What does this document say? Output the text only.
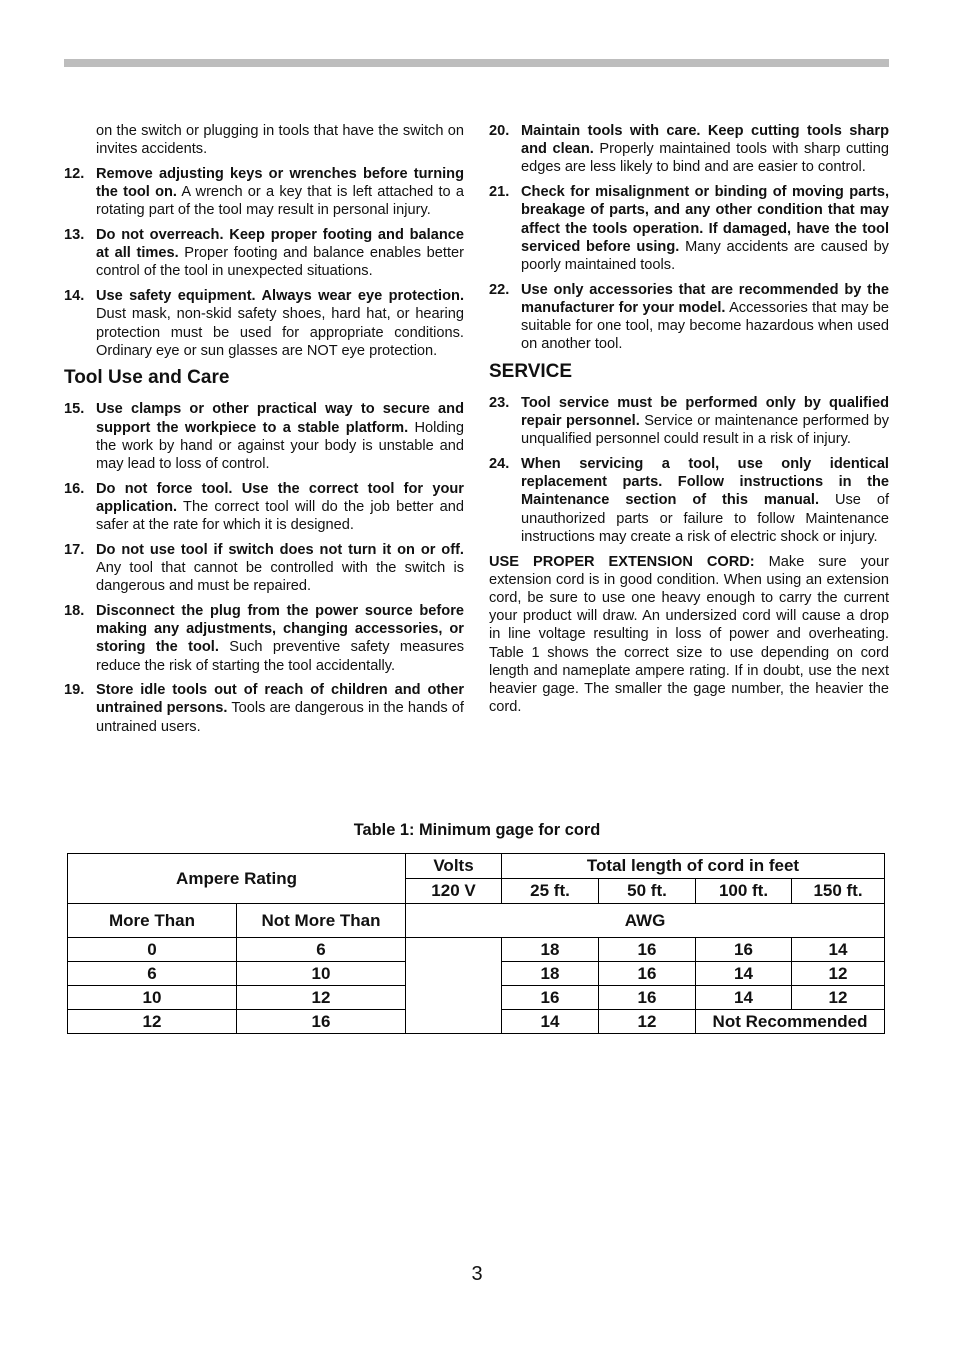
on the switch or plugging in tools that have the switch on invites accidents.
12. Remove adjusting keys or wrenches before turning the tool on. A wrench or a key that is left attached to a rotating part of the tool may result in personal injury.
13. Do not overreach. Keep proper footing and balance at all times. Proper footing and balance enables better control of the tool in unexpected situations.
14. Use safety equipment. Always wear eye protection. Dust mask, non-skid safety shoes, hard hat, or hearing protection must be used for appropriate conditions. Ordinary eye or sun glasses are NOT eye protection.
Tool Use and Care
15. Use clamps or other practical way to secure and support the workpiece to a stable platform. Holding the work by hand or against your body is unstable and may lead to loss of control.
16. Do not force tool. Use the correct tool for your application. The correct tool will do the job better and safer at the rate for which it is designed.
17. Do not use tool if switch does not turn it on or off. Any tool that cannot be controlled with the switch is dangerous and must be repaired.
18. Disconnect the plug from the power source before making any adjustments, changing accessories, or storing the tool. Such preventive safety measures reduce the risk of starting the tool accidentally.
19. Store idle tools out of reach of children and other untrained persons. Tools are dangerous in the hands of untrained users.
20. Maintain tools with care. Keep cutting tools sharp and clean. Properly maintained tools with sharp cutting edges are less likely to bind and are easier to control.
21. Check for misalignment or binding of moving parts, breakage of parts, and any other condition that may affect the tools operation. If damaged, have the tool serviced before using. Many accidents are caused by poorly maintained tools.
22. Use only accessories that are recommended by the manufacturer for your model. Accessories that may be suitable for one tool, may become hazardous when used on another tool.
SERVICE
23. Tool service must be performed only by qualified repair personnel. Service or maintenance performed by unqualified personnel could result in a risk of injury.
24. When servicing a tool, use only identical replacement parts. Follow instructions in the Maintenance section of this manual. Use of unauthorized parts or failure to follow Maintenance instructions may create a risk of electric shock or injury.
USE PROPER EXTENSION CORD: Make sure your extension cord is in good condition. When using an extension cord, be sure to use one heavy enough to carry the current your product will draw. An undersized cord will cause a drop in line voltage resulting in loss of power and overheating. Table 1 shows the correct size to use depending on cord length and nameplate ampere rating. If in doubt, use the next heavier gage. The smaller the gage number, the heavier the cord.
Table 1: Minimum gage for cord
Ampere Rating		Volts	Total length of cord in feet			
		120 V	25 ft.	50 ft.	100 ft.	150 ft.
More Than	Not More Than	AWG				
0	6		18	16	16	14
6	10		18	16	14	12
10	12		16	16	14	12
12	16		14	12	Not Recommended	
3
